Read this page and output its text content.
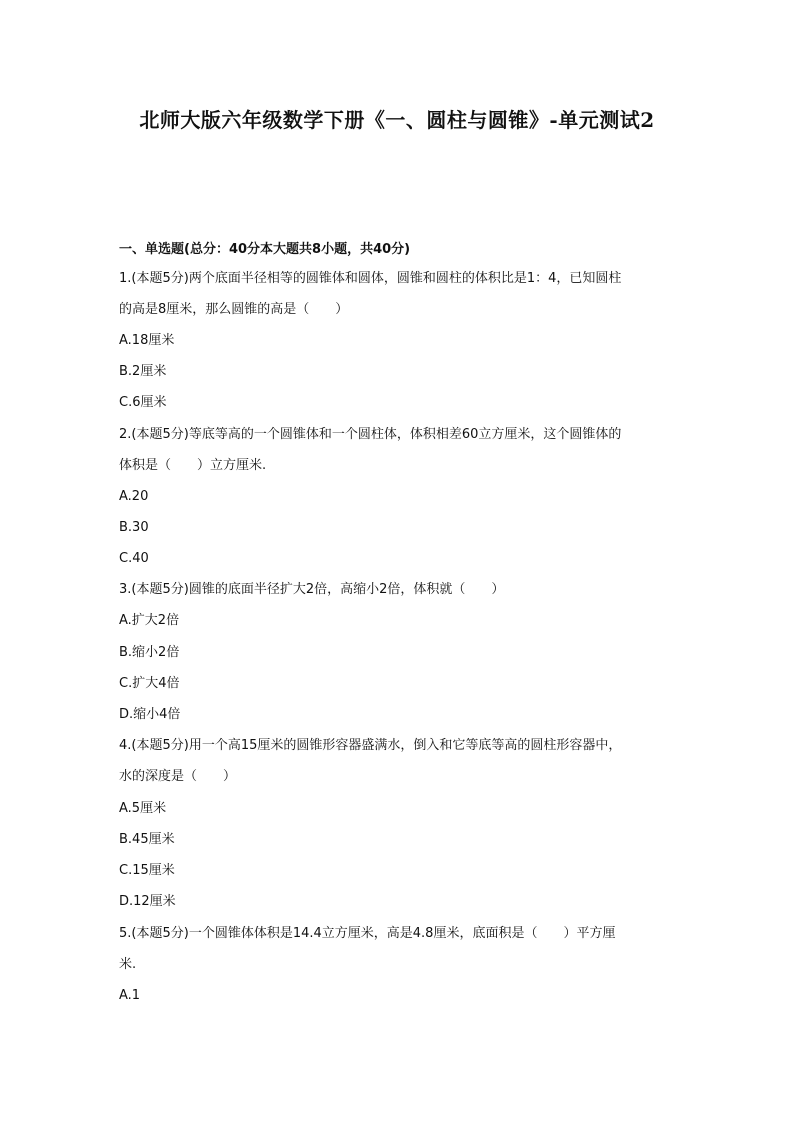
北师大版六年级数学下册《一、圆柱与圆锥》-单元测试2
一、单选题(总分：40分本大题共8小题，共40分)
1.(本题5分)两个底面半径相等的圆锥体和圆体，圆锥和圆柱的体积比是1：4，已知圆柱
的高是8厘米，那么圆锥的高是（　　）
A.18厘米
B.2厘米
C.6厘米
2.(本题5分)等底等高的一个圆锥体和一个圆柱体，体积相差60立方厘米，这个圆锥体的
体积是（　　）立方厘米.
A.20
B.30
C.40
3.(本题5分)圆锥的底面半径扩大2倍，高缩小2倍，体积就（　　）
A.扩大2倍
B.缩小2倍
C.扩大4倍
D.缩小4倍
4.(本题5分)用一个高15厘米的圆锥形容器盛满水，倒入和它等底等高的圆柱形容器中，
水的深度是（　　）
A.5厘米
B.45厘米
C.15厘米
D.12厘米
5.(本题5分)一个圆锥体体积是14.4立方厘米，高是4.8厘米，底面积是（　　）平方厘
米.
A.1
